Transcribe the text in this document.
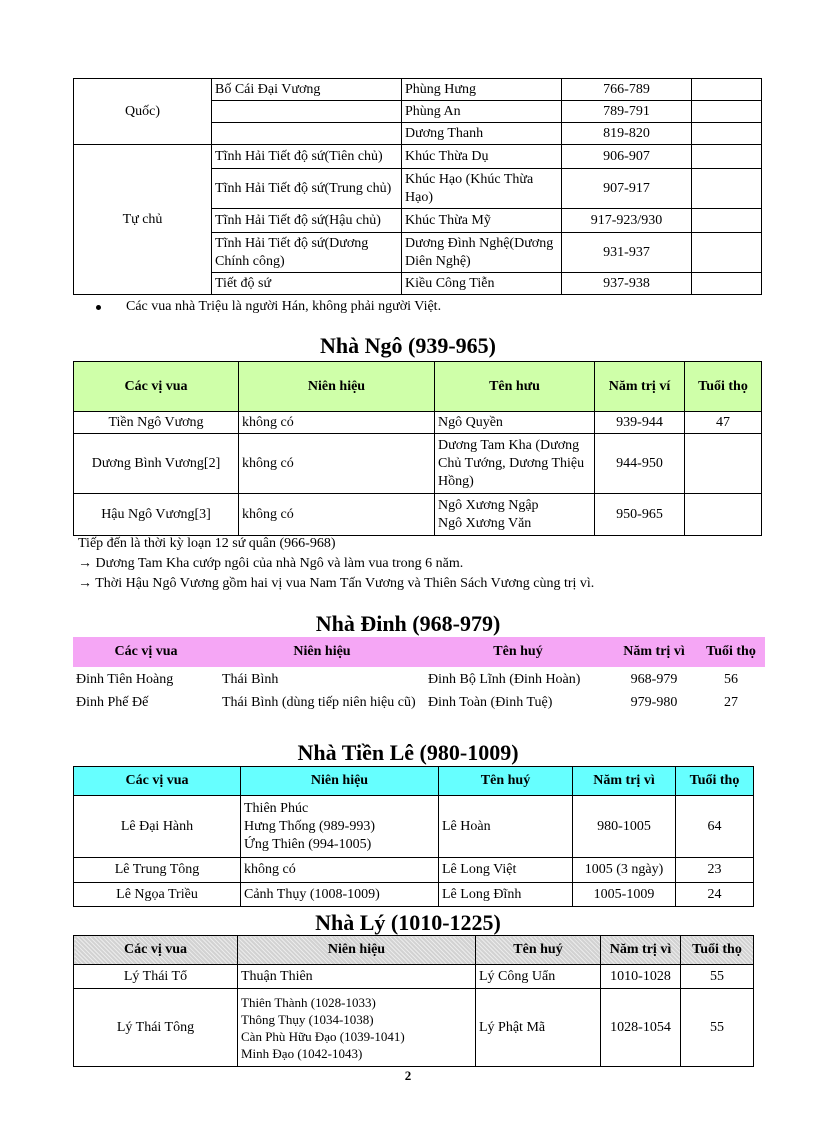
Quốc)	Bố Cái Đại Vương	Phùng Hưng	766-789	
		Phùng An	789-791	
		Dương Thanh	819-820	
Tự chủ	Tĩnh Hải Tiết độ sứ(Tiên chủ)	Khúc Thừa Dụ	906-907	
	Tĩnh Hải Tiết độ sứ(Trung chủ)	Khúc Hạo (Khúc Thừa Hạo)	907-917	
	Tĩnh Hải Tiết độ sứ(Hậu chủ)	Khúc Thừa Mỹ	917-923/930	
	Tĩnh Hải Tiết độ sứ(Dương Chính công)	Dương Đình Nghệ(Dương Diên Nghệ)	931-937	
	Tiết độ sứ	Kiều Công Tiễn	937-938	
Các vua nhà Triệu là người Hán, không phải người Việt.
Nhà Ngô (939-965)
Các vị vua	Niên hiệu	Tên hưu	Năm trị ví	Tuổi thọ
Tiền Ngô Vương	không có	Ngô Quyền	939-944	47
Dương Bình Vương[2]	không có	Dương Tam Kha (Dương
Chủ Tướng, Dương Thiệu
Hồng)	944-950	
Hậu Ngô Vương[3]	không có	Ngô Xương Ngập
Ngô Xương Văn	950-965	
Tiếp đến là thời kỳ loạn 12 sứ quân (966-968)
→ Dương Tam Kha cướp ngôi của nhà Ngô và làm vua trong 6 năm.
→ Thời Hậu Ngô Vương gồm hai vị vua Nam Tấn Vương và Thiên Sách Vương cùng trị vì.
Nhà Đinh (968-979)
Các vị vua	Niên hiệu	Tên huý	Năm trị vì	Tuổi thọ
Đinh Tiên Hoàng	Thái Bình	Đinh Bộ Lĩnh (Đinh Hoàn)	968-979	56
Đinh Phế Đế	Thái Bình (dùng tiếp niên hiệu cũ)	Đinh Toàn (Đinh Tuệ)	979-980	27
Nhà Tiền Lê (980-1009)
Các vị vua	Niên hiệu	Tên huý	Năm trị vì	Tuổi thọ
Lê Đại Hành	Thiên Phúc
Hưng Thống (989-993)
Ứng Thiên (994-1005)	Lê Hoàn	980-1005	64
Lê Trung Tông	không có	Lê Long Việt	1005 (3 ngày)	23
Lê Ngọa Triều	Cảnh Thụy (1008-1009)	Lê Long Đĩnh	1005-1009	24
Nhà Lý (1010-1225)
Các vị vua	Niên hiệu	Tên huý	Năm trị vì	Tuổi thọ
Lý Thái Tổ	Thuận Thiên	Lý Công Uẩn	1010-1028	55
Lý Thái Tông	Thiên Thành (1028-1033)
Thông Thụy (1034-1038)
Càn Phù Hữu Đạo (1039-1041)
Minh Đạo (1042-1043)	Lý Phật Mã	1028-1054	55
2
